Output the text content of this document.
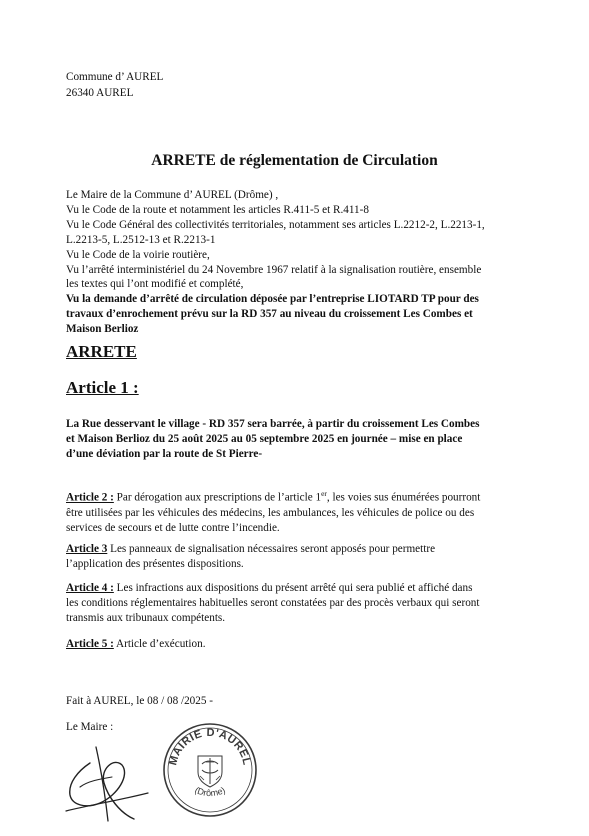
Commune d’ AUREL
26340 AUREL
ARRETE de réglementation de Circulation
Le Maire de la Commune d’ AUREL (Drôme) ,
Vu le Code de la route et notamment les articles R.411-5 et R.411-8
Vu le Code Général des collectivités territoriales, notamment ses articles L.2212-2, L.2213-1,
L.2213-5, L.2512-13 et R.2213-1
Vu le Code de la voirie routière,
Vu l’arrêté interministériel du 24 Novembre 1967 relatif à la signalisation routière, ensemble
les textes qui l’ont modifié et complété,
Vu la demande d’arrêté de circulation déposée par l’entreprise LIOTARD TP pour des
travaux d’enrochement prévu sur la RD 357 au niveau du croissement Les Combes et
Maison Berlioz
ARRETE
Article 1 :
La Rue desservant le village - RD 357 sera barrée, à partir du croissement Les Combes
et Maison Berlioz du 25 août 2025 au 05 septembre 2025 en journée – mise en place
d’une déviation par la route de St Pierre-
Article 2 : Par dérogation aux prescriptions de l’article 1er, les voies sus énumérées pourront
être utilisées par les véhicules des médecins, les ambulances, les véhicules de police ou des
services de secours et de lutte contre l’incendie.
Article 3 Les panneaux de signalisation nécessaires seront apposés pour permettre
l’application des présentes dispositions.
Article 4 : Les infractions aux dispositions du présent arrêté qui sera publié et affiché dans
les conditions réglementaires habituelles seront constatées par des procès verbaux qui seront
transmis aux tribunaux compétents.
Article 5 : Article d’exécution.
Fait à AUREL, le 08 / 08 /2025 -
Le Maire :
MAIRIE D'AUREL
(Drôme)
